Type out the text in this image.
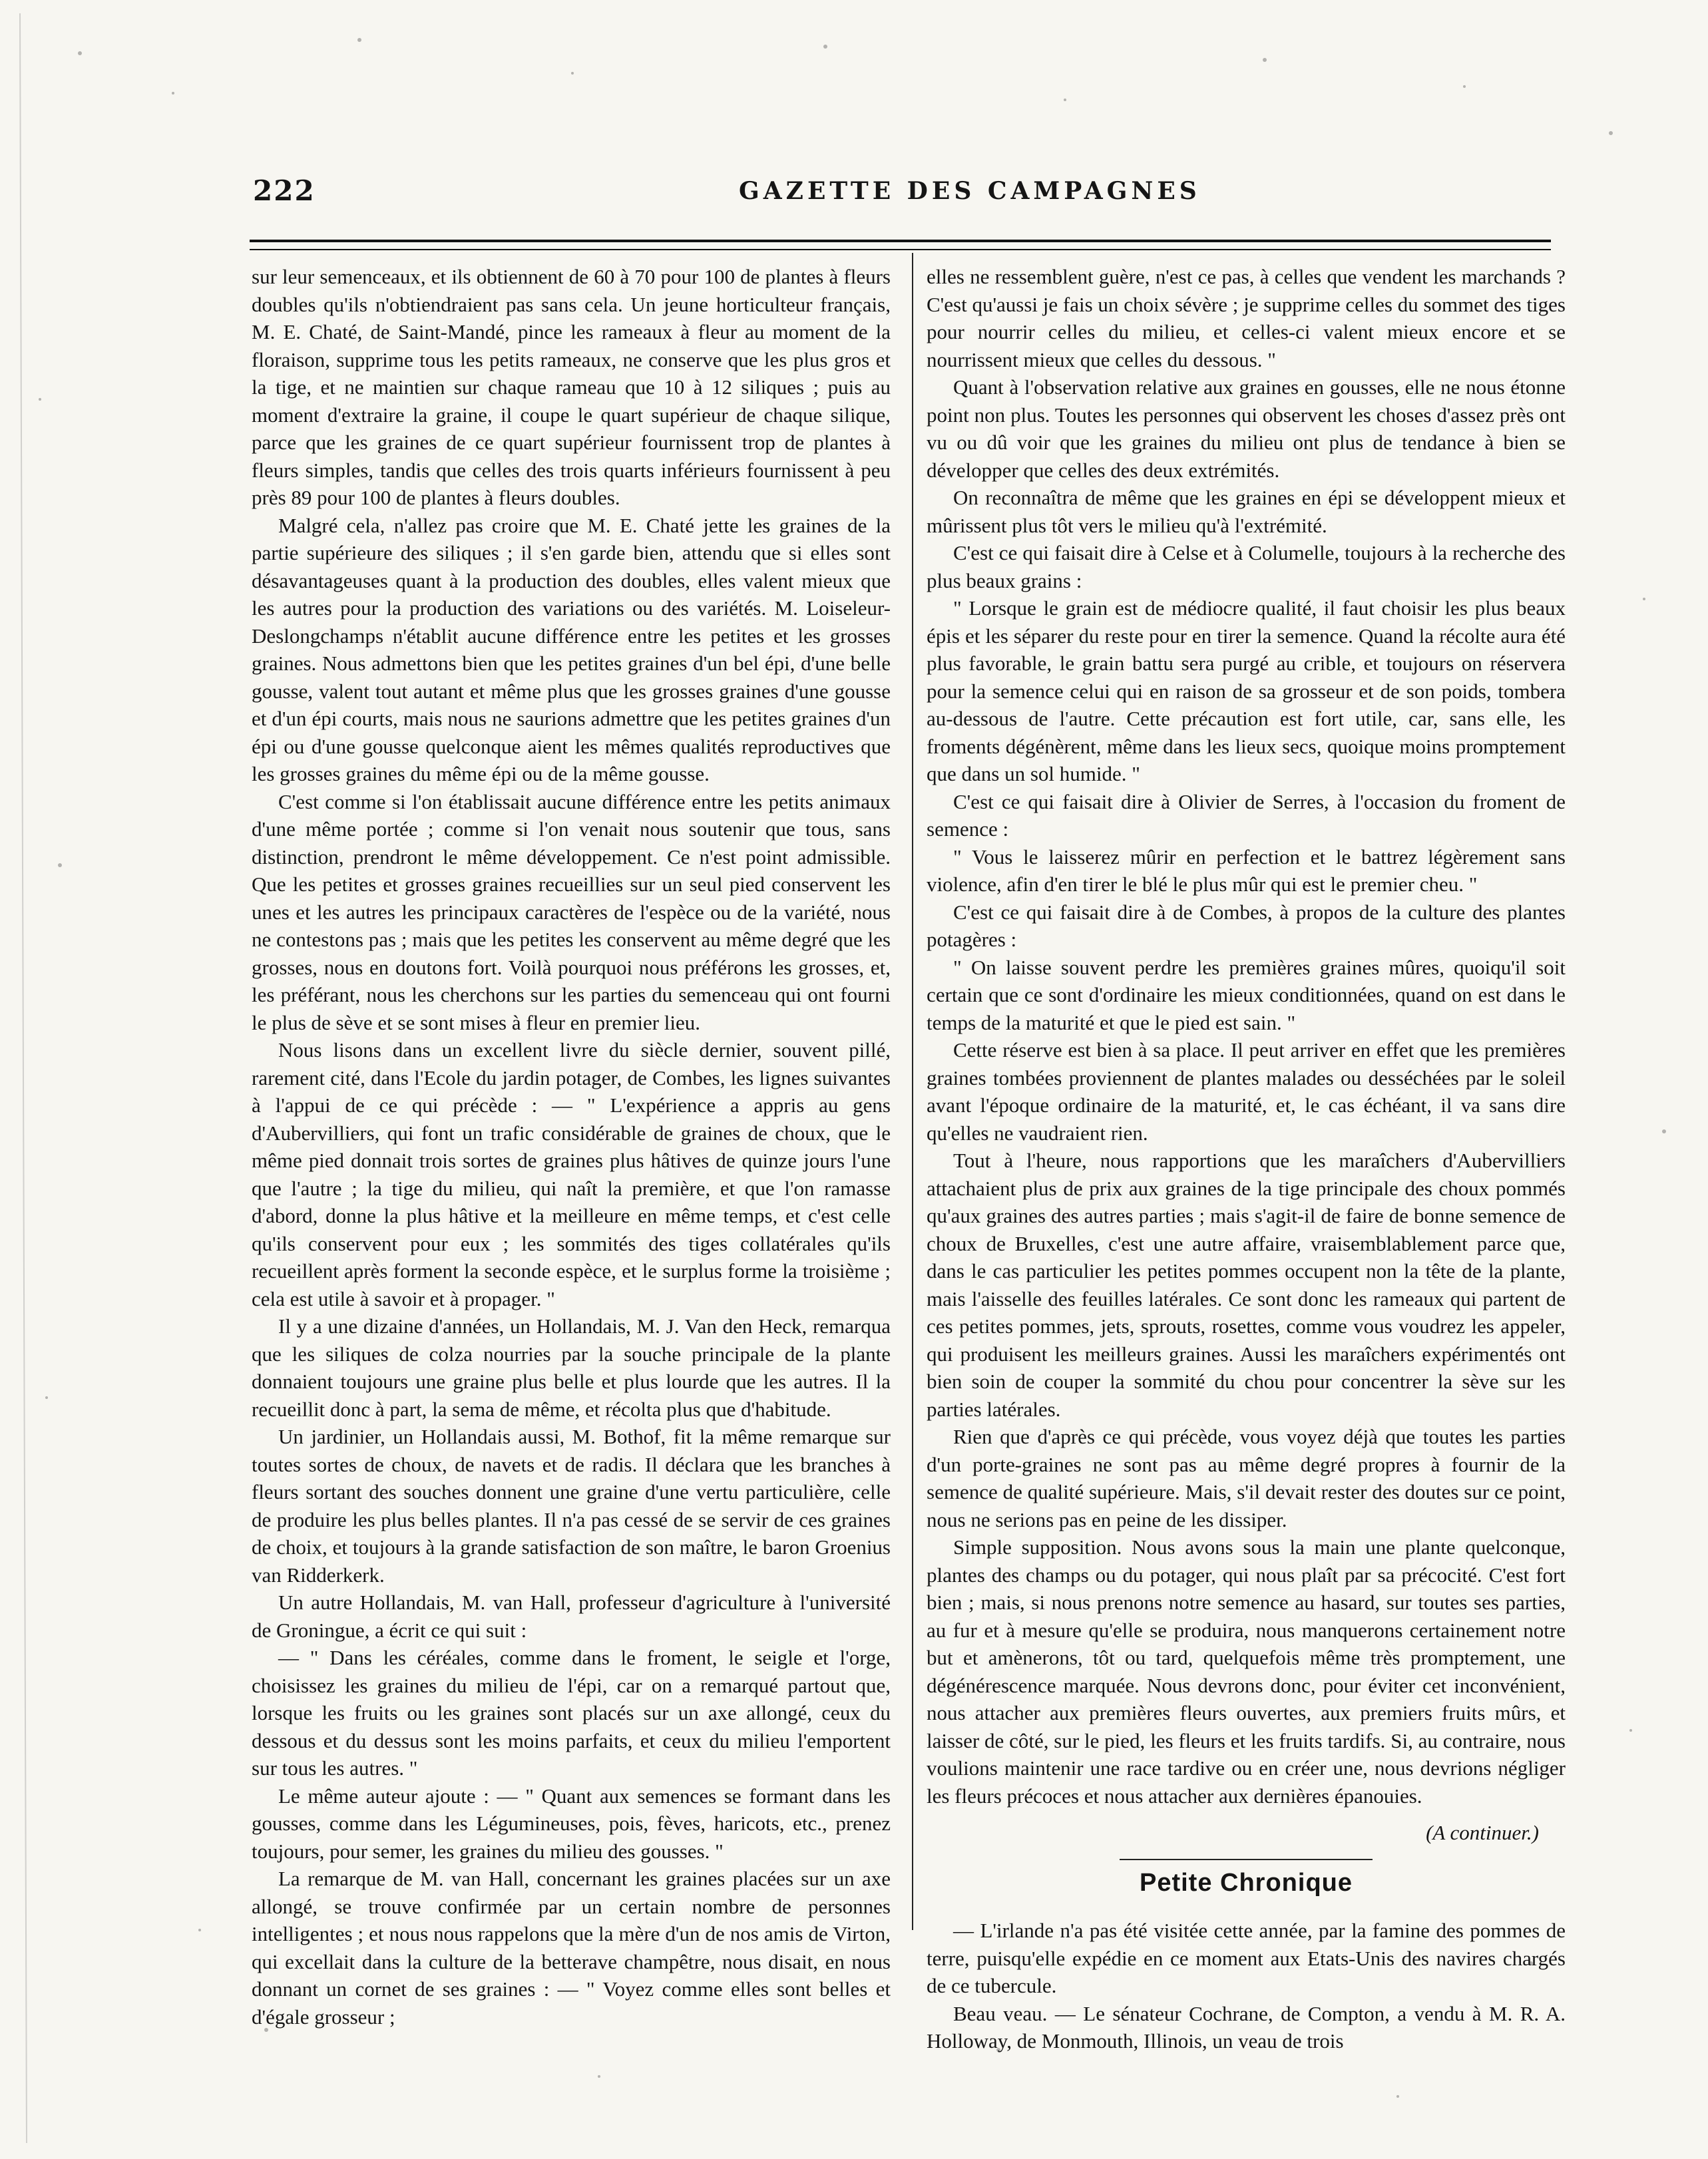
222	GAZETTE DES CAMPAGNES

sur leur semenceaux, et ils obtiennent de 60 à 70 pour 100 de plantes à fleurs doubles qu'ils n'obtiendraient pas sans cela. Un jeune horticulteur français, M. E. Chaté, de Saint-Mandé, pince les rameaux à fleur au moment de la floraison, supprime tous les petits rameaux, ne conserve que les plus gros et la tige, et ne maintien sur chaque rameau que 10 à 12 siliques ; puis au moment d'extraire la graine, il coupe le quart supérieur de chaque silique, parce que les graines de ce quart supérieur fournissent trop de plantes à fleurs simples, tandis que celles des trois quarts inférieurs fournissent à peu près 89 pour 100 de plantes à fleurs doubles.

Malgré cela, n'allez pas croire que M. E. Chaté jette les graines de la partie supérieure des siliques ; il s'en garde bien, attendu que si elles sont désavantageuses quant à la production des doubles, elles valent mieux que les autres pour la production des variations ou des variétés. M. Loiseleur-Deslongchamps n'établit aucune différence entre les petites et les grosses graines. Nous admettons bien que les petites graines d'un bel épi, d'une belle gousse, valent tout autant et même plus que les grosses graines d'une gousse et d'un épi courts, mais nous ne saurions admettre que les petites graines d'un épi ou d'une gousse quelconque aient les mêmes qualités reproductives que les grosses graines du même épi ou de la même gousse.

C'est comme si l'on établissait aucune différence entre les petits animaux d'une même portée ; comme si l'on venait nous soutenir que tous, sans distinction, prendront le même développement. Ce n'est point admissible. Que les petites et grosses graines recueillies sur un seul pied conservent les unes et les autres les principaux caractères de l'espèce ou de la variété, nous ne contestons pas ; mais que les petites les conservent au même degré que les grosses, nous en doutons fort. Voilà pourquoi nous préférons les grosses, et, les préférant, nous les cherchons sur les parties du semenceau qui ont fourni le plus de sève et se sont mises à fleur en premier lieu.

Nous lisons dans un excellent livre du siècle dernier, souvent pillé, rarement cité, dans l'Ecole du jardin potager, de Combes, les lignes suivantes à l'appui de ce qui précède : — " L'expérience a appris au gens d'Aubervilliers, qui font un trafic considérable de graines de choux, que le même pied donnait trois sortes de graines plus hâtives de quinze jours l'une que l'autre ; la tige du milieu, qui naît la première, et que l'on ramasse d'abord, donne la plus hâtive et la meilleure en même temps, et c'est celle qu'ils conservent pour eux ; les sommités des tiges collatérales qu'ils recueillent après forment la seconde espèce, et le surplus forme la troisième ; cela est utile à savoir et à propager. "

Il y a une dizaine d'années, un Hollandais, M. J. Van den Heck, remarqua que les siliques de colza nourries par la souche principale de la plante donnaient toujours une graine plus belle et plus lourde que les autres. Il la recueillit donc à part, la sema de même, et récolta plus que d'habitude.

Un jardinier, un Hollandais aussi, M. Bothof, fit la même remarque sur toutes sortes de choux, de navets et de radis. Il déclara que les branches à fleurs sortant des souches donnent une graine d'une vertu particulière, celle de produire les plus belles plantes. Il n'a pas cessé de se servir de ces graines de choix, et toujours à la grande satisfaction de son maître, le baron Groenius van Ridderkerk.

Un autre Hollandais, M. van Hall, professeur d'agriculture à l'université de Groningue, a écrit ce qui suit :

— " Dans les céréales, comme dans le froment, le seigle et l'orge, choisissez les graines du milieu de l'épi, car on a remarqué partout que, lorsque les fruits ou les graines sont placés sur un axe allongé, ceux du dessous et du dessus sont les moins parfaits, et ceux du milieu l'emportent sur tous les autres. "

Le même auteur ajoute : — " Quant aux semences se formant dans les gousses, comme dans les Légumineuses, pois, fèves, haricots, etc., prenez toujours, pour semer, les graines du milieu des gousses. "

La remarque de M. van Hall, concernant les graines placées sur un axe allongé, se trouve confirmée par un certain nombre de personnes intelligentes ; et nous nous rappelons que la mère d'un de nos amis de Virton, qui excellait dans la culture de la betterave champêtre, nous disait, en nous donnant un cornet de ses graines : — " Voyez comme elles sont belles et d'égale grosseur ;

elles ne ressemblent guère, n'est ce pas, à celles que vendent les marchands ? C'est qu'aussi je fais un choix sévère ; je supprime celles du sommet des tiges pour nourrir celles du milieu, et celles-ci valent mieux encore et se nourrissent mieux que celles du dessous. "

Quant à l'observation relative aux graines en gousses, elle ne nous étonne point non plus. Toutes les personnes qui observent les choses d'assez près ont vu ou dû voir que les graines du milieu ont plus de tendance à bien se développer que celles des deux extrémités.

On reconnaîtra de même que les graines en épi se développent mieux et mûrissent plus tôt vers le milieu qu'à l'extrémité.

C'est ce qui faisait dire à Celse et à Columelle, toujours à la recherche des plus beaux grains :

" Lorsque le grain est de médiocre qualité, il faut choisir les plus beaux épis et les séparer du reste pour en tirer la semence. Quand la récolte aura été plus favorable, le grain battu sera purgé au crible, et toujours on réservera pour la semence celui qui en raison de sa grosseur et de son poids, tombera au-dessous de l'autre. Cette précaution est fort utile, car, sans elle, les froments dégénèrent, même dans les lieux secs, quoique moins promptement que dans un sol humide. "

C'est ce qui faisait dire à Olivier de Serres, à l'occasion du froment de semence :

" Vous le laisserez mûrir en perfection et le battrez légèrement sans violence, afin d'en tirer le blé le plus mûr qui est le premier cheu. "

C'est ce qui faisait dire à de Combes, à propos de la culture des plantes potagères :

" On laisse souvent perdre les premières graines mûres, quoiqu'il soit certain que ce sont d'ordinaire les mieux conditionnées, quand on est dans le temps de la maturité et que le pied est sain. "

Cette réserve est bien à sa place. Il peut arriver en effet que les premières graines tombées proviennent de plantes malades ou desséchées par le soleil avant l'époque ordinaire de la maturité, et, le cas échéant, il va sans dire qu'elles ne vaudraient rien.

Tout à l'heure, nous rapportions que les maraîchers d'Aubervilliers attachaient plus de prix aux graines de la tige principale des choux pommés qu'aux graines des autres parties ; mais s'agit-il de faire de bonne semence de choux de Bruxelles, c'est une autre affaire, vraisemblablement parce que, dans le cas particulier les petites pommes occupent non la tête de la plante, mais l'aisselle des feuilles latérales. Ce sont donc les rameaux qui partent de ces petites pommes, jets, sprouts, rosettes, comme vous voudrez les appeler, qui produisent les meilleurs graines. Aussi les maraîchers expérimentés ont bien soin de couper la sommité du chou pour concentrer la sève sur les parties latérales.

Rien que d'après ce qui précède, vous voyez déjà que toutes les parties d'un porte-graines ne sont pas au même degré propres à fournir de la semence de qualité supérieure. Mais, s'il devait rester des doutes sur ce point, nous ne serions pas en peine de les dissiper.

Simple supposition. Nous avons sous la main une plante quelconque, plantes des champs ou du potager, qui nous plaît par sa précocité. C'est fort bien ; mais, si nous prenons notre semence au hasard, sur toutes ses parties, au fur et à mesure qu'elle se produira, nous manquerons certainement notre but et amènerons, tôt ou tard, quelquefois même très promptement, une dégénérescence marquée. Nous devrons donc, pour éviter cet inconvénient, nous attacher aux premières fleurs ouvertes, aux premiers fruits mûrs, et laisser de côté, sur le pied, les fleurs et les fruits tardifs. Si, au contraire, nous voulions maintenir une race tardive ou en créer une, nous devrions négliger les fleurs précoces et nous attacher aux dernières épanouies.

(A continuer.)

Petite Chronique

— L'irlande n'a pas été visitée cette année, par la famine des pommes de terre, puisqu'elle expédie en ce moment aux Etats-Unis des navires chargés de ce tubercule.

Beau veau. — Le sénateur Cochrane, de Compton, a vendu à M. R. A. Holloway, de Monmouth, Illinois, un veau de trois
